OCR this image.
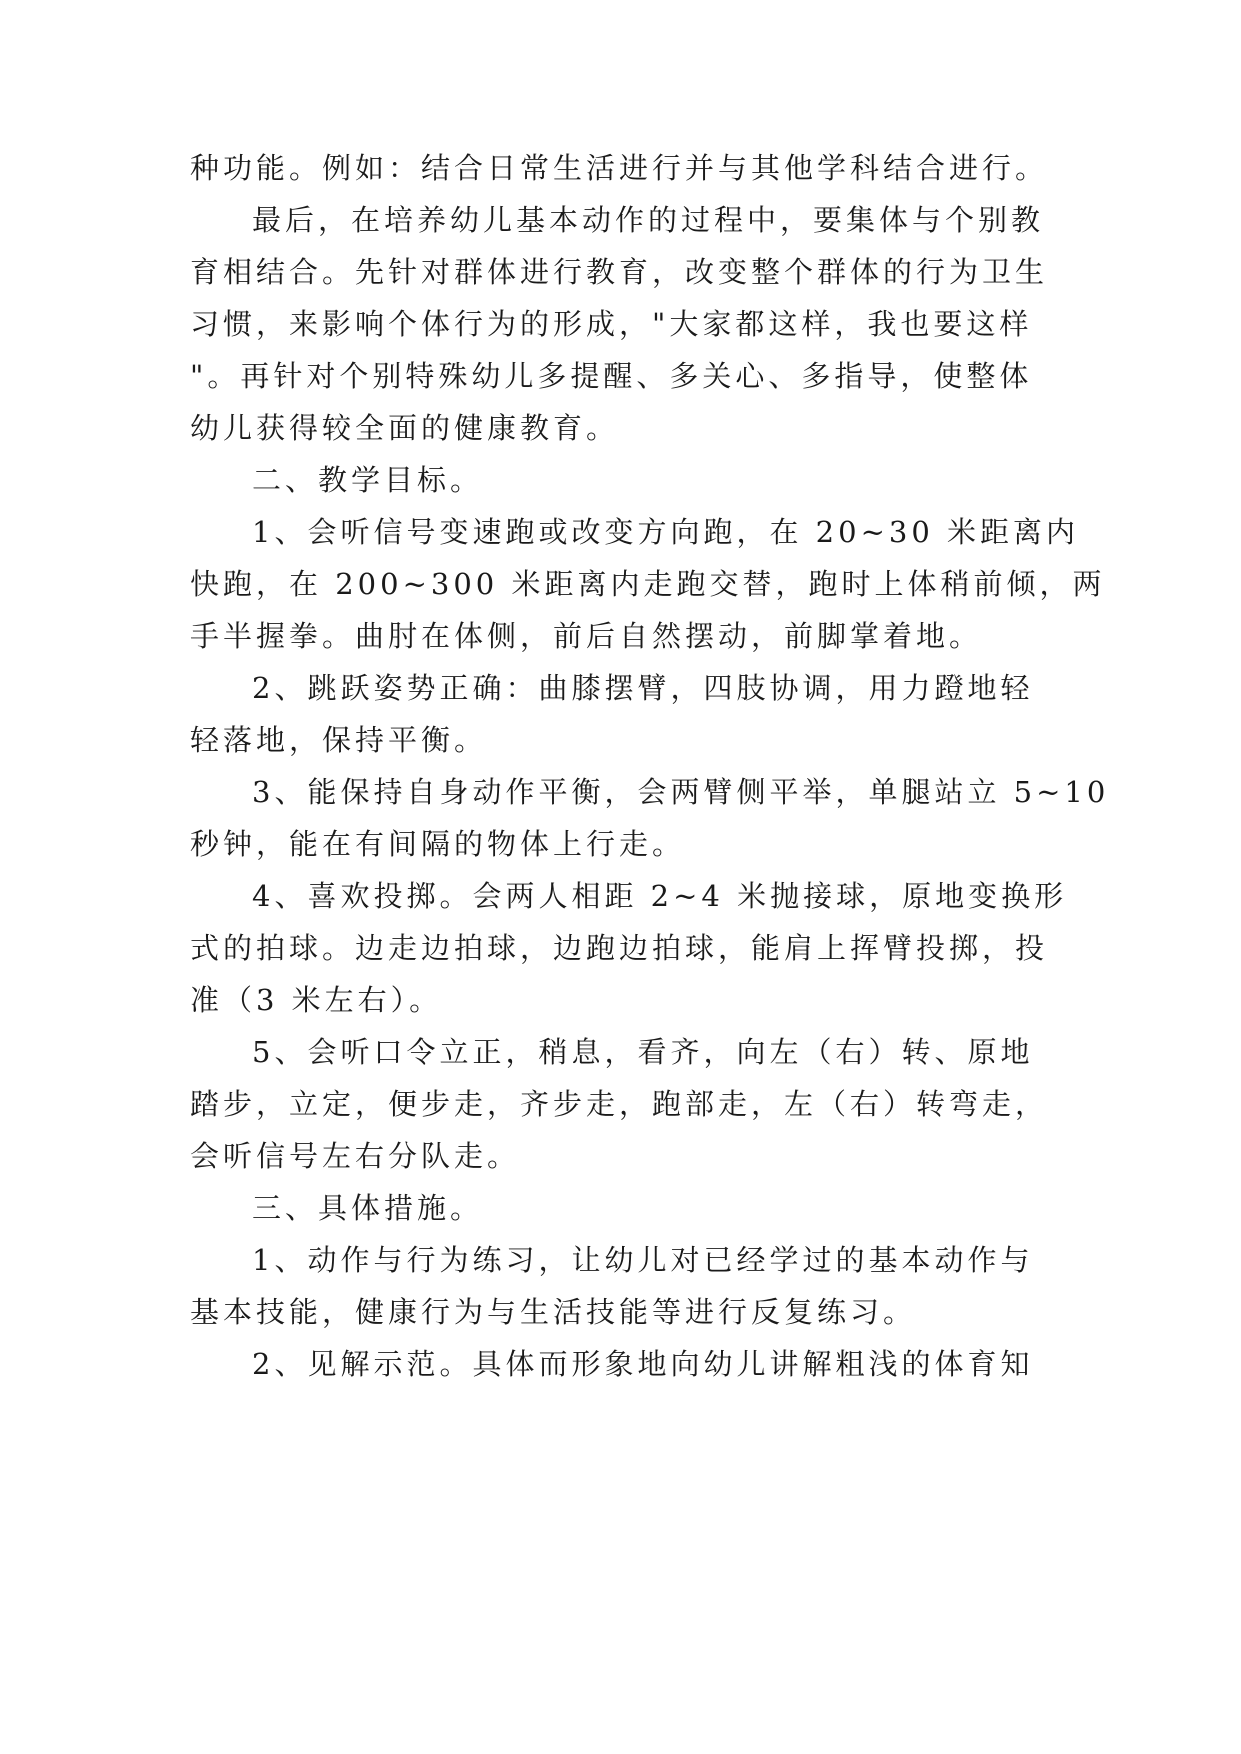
种功能。例如：结合日常生活进行并与其他学科结合进行。
最后，在培养幼儿基本动作的过程中，要集体与个别教
育相结合。先针对群体进行教育，改变整个群体的行为卫生
习惯，来影响个体行为的形成，"大家都这样，我也要这样
"。再针对个别特殊幼儿多提醒、多关心、多指导，使整体
幼儿获得较全面的健康教育。
二、教学目标。
1、会听信号变速跑或改变方向跑，在 20~30 米距离内
快跑，在 200~300 米距离内走跑交替，跑时上体稍前倾，两
手半握拳。曲肘在体侧，前后自然摆动，前脚掌着地。
2、跳跃姿势正确：曲膝摆臂，四肢协调，用力蹬地轻
轻落地，保持平衡。
3、能保持自身动作平衡，会两臂侧平举，单腿站立 5~10
秒钟，能在有间隔的物体上行走。
4、喜欢投掷。会两人相距 2~4 米抛接球，原地变换形
式的拍球。边走边拍球，边跑边拍球，能肩上挥臂投掷，投
准（3 米左右）。
5、会听口令立正，稍息，看齐，向左（右）转、原地
踏步，立定，便步走，齐步走，跑部走，左（右）转弯走，
会听信号左右分队走。
三、具体措施。
1、动作与行为练习，让幼儿对已经学过的基本动作与
基本技能，健康行为与生活技能等进行反复练习。
2、见解示范。具体而形象地向幼儿讲解粗浅的体育知
